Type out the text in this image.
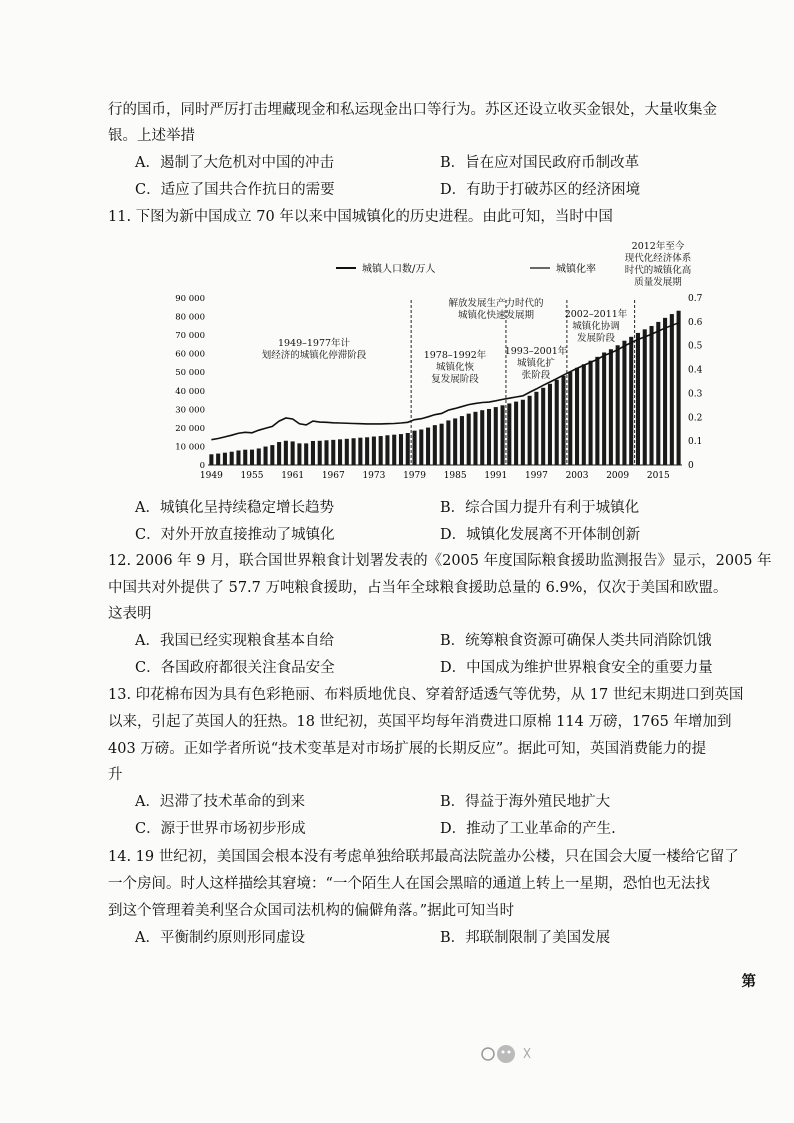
行的国币，同时严厉打击埋藏现金和私运现金出口等行为。苏区还设立收买金银处，大量收集金
银。上述举措
A．遏制了大危机对中国的冲击	B．旨在应对国民政府币制改革
C．适应了国共合作抗日的需要	D．有助于打破苏区的经济困境
11. 下图为新中国成立 70 年以来中国城镇化的历史进程。由此可知，当时中国
90 000
80 000
70 000
60 000
50 000
40 000
30 000
20 000
10 000
0
0.7
0.6
0.5
0.4
0.3
0.2
0.1
0
1949 1955 1961 1967 1973 1979 1985 1991 1997 2003 2009 2015
城镇人口数/万人	城镇化率
1949–1977年计划经济的城镇化停滞阶段	1978–1992年城镇化恢复发展阶段
解放发展生产力时代的城镇化快速发展期
1993–2001年城镇化扩张阶段
2002–2011年城镇化协调发展阶段
2012年至今现代化经济体系时代的城镇化高质量发展期
A．城镇化呈持续稳定增长趋势	B．综合国力提升有利于城镇化
C．对外开放直接推动了城镇化	D．城镇化发展离不开体制创新
12. 2006 年 9 月，联合国世界粮食计划署发表的《2005 年度国际粮食援助监测报告》显示，2005 年
中国共对外提供了 57.7 万吨粮食援助，占当年全球粮食援助总量的 6.9%，仅次于美国和欧盟。
这表明
A．我国已经实现粮食基本自给	B．统筹粮食资源可确保人类共同消除饥饿
C．各国政府都很关注食品安全	D．中国成为维护世界粮食安全的重要力量
13. 印花棉布因为具有色彩艳丽、布料质地优良、穿着舒适透气等优势，从 17 世纪末期进口到英国
以来，引起了英国人的狂热。18 世纪初，英国平均每年消费进口原棉 114 万磅，1765 年增加到
403 万磅。正如学者所说“技术变革是对市场扩展的长期反应”。据此可知，英国消费能力的提
升
A．迟滞了技术革命的到来	B．得益于海外殖民地扩大
C．源于世界市场初步形成	D．推动了工业革命的产生.
14. 19 世纪初，美国国会根本没有考虑单独给联邦最高法院盖办公楼，只在国会大厦一楼给它留了
一个房间。时人这样描绘其窘境：“一个陌生人在国会黑暗的通道上转上一星期，恐怕也无法找
到这个管理着美利坚合众国司法机构的偏僻角落。”据此可知当时
A．平衡制约原则形同虚设	B．邦联制限制了美国发展
第
